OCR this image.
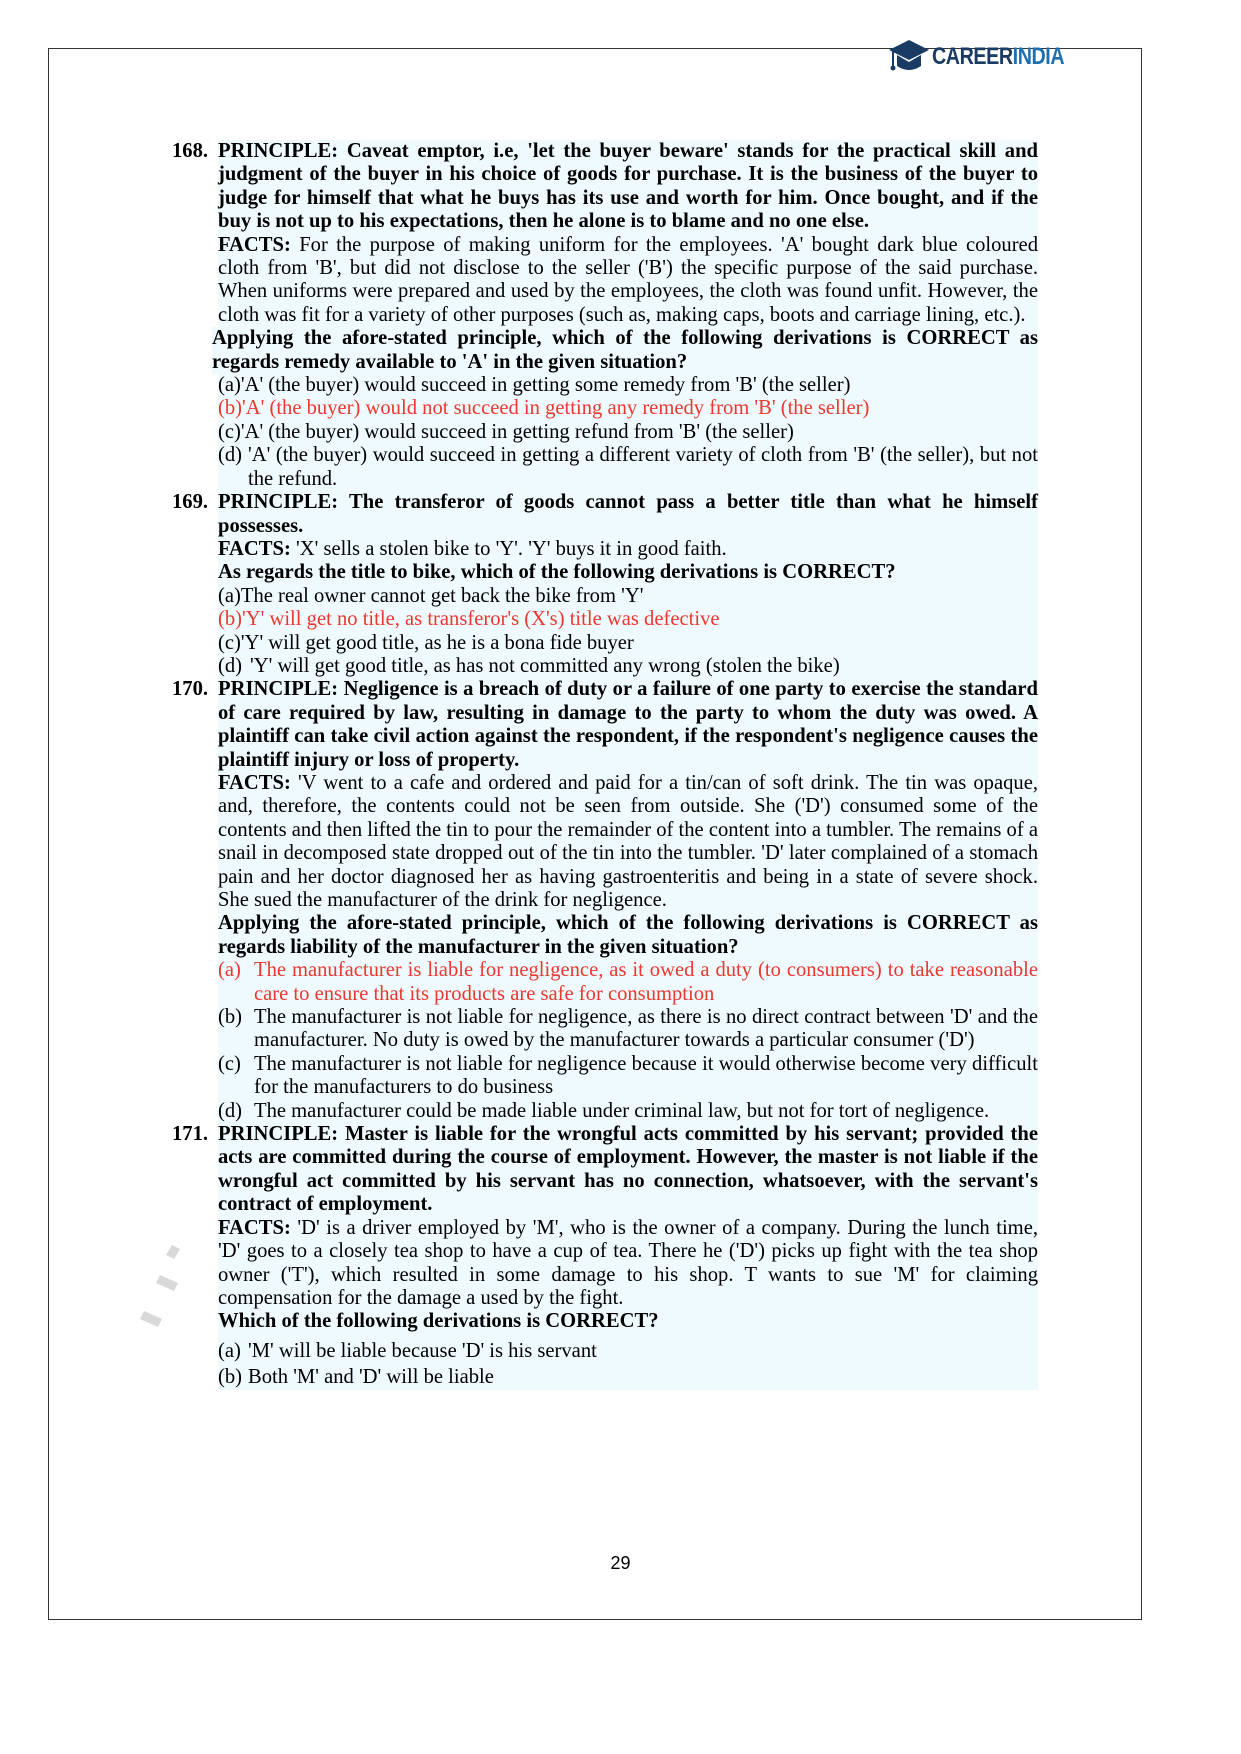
CAREERINDIA
168. PRINCIPLE: Caveat emptor, i.e, 'let the buyer beware' stands for the practical skill and judgment of the buyer in his choice of goods for purchase. It is the business of the buyer to judge for himself that what he buys has its use and worth for him. Once bought, and if the buy is not up to his expectations, then he alone is to blame and no one else.
FACTS: For the purpose of making uniform for the employees. 'A' bought dark blue coloured cloth from 'B', but did not disclose to the seller ('B') the specific purpose of the said purchase. When uniforms were prepared and used by the employees, the cloth was found unfit. However, the cloth was fit for a variety of other purposes (such as, making caps, boots and carriage lining, etc.).
Applying the afore-stated principle, which of the following derivations is CORRECT as regards remedy available to 'A' in the given situation?
(a) 'A' (the buyer) would succeed in getting some remedy from 'B' (the seller)
(b) 'A' (the buyer) would not succeed in getting any remedy from 'B' (the seller)
(c) 'A' (the buyer) would succeed in getting refund from 'B' (the seller)
(d) 'A' (the buyer) would succeed in getting a different variety of cloth from 'B' (the seller), but not the refund.
169. PRINCIPLE: The transferor of goods cannot pass a better title than what he himself possesses.
FACTS: 'X' sells a stolen bike to 'Y'. 'Y' buys it in good faith.
As regards the title to bike, which of the following derivations is CORRECT?
(a) The real owner cannot get back the bike from 'Y'
(b) 'Y' will get no title, as transferor's (X's) title was defective
(c) 'Y' will get good title, as he is a bona fide buyer
(d) 'Y' will get good title, as has not committed any wrong (stolen the bike)
170. PRINCIPLE: Negligence is a breach of duty or a failure of one party to exercise the standard of care required by law, resulting in damage to the party to whom the duty was owed. A plaintiff can take civil action against the respondent, if the respondent's negligence causes the plaintiff injury or loss of property.
FACTS: 'V went to a cafe and ordered and paid for a tin/can of soft drink. The tin was opaque, and, therefore, the contents could not be seen from outside. She ('D') consumed some of the contents and then lifted the tin to pour the remainder of the content into a tumbler. The remains of a snail in decomposed state dropped out of the tin into the tumbler. 'D' later complained of a stomach pain and her doctor diagnosed her as having gastroenteritis and being in a state of severe shock. She sued the manufacturer of the drink for negligence.
Applying the afore-stated principle, which of the following derivations is CORRECT as regards liability of the manufacturer in the given situation?
(a) The manufacturer is liable for negligence, as it owed a duty (to consumers) to take reasonable care to ensure that its products are safe for consumption
(b) The manufacturer is not liable for negligence, as there is no direct contract between 'D' and the manufacturer. No duty is owed by the manufacturer towards a particular consumer ('D')
(c) The manufacturer is not liable for negligence because it would otherwise become very difficult for the manufacturers to do business
(d) The manufacturer could be made liable under criminal law, but not for tort of negligence.
171. PRINCIPLE: Master is liable for the wrongful acts committed by his servant; provided the acts are committed during the course of employment. However, the master is not liable if the wrongful act committed by his servant has no connection, whatsoever, with the servant's contract of employment.
FACTS: 'D' is a driver employed by 'M', who is the owner of a company. During the lunch time, 'D' goes to a closely tea shop to have a cup of tea. There he ('D') picks up fight with the tea shop owner ('T'), which resulted in some damage to his shop. T wants to sue 'M' for claiming compensation for the damage a used by the fight.
Which of the following derivations is CORRECT?
(a) 'M' will be liable because 'D' is his servant
(b) Both 'M' and 'D' will be liable
29
